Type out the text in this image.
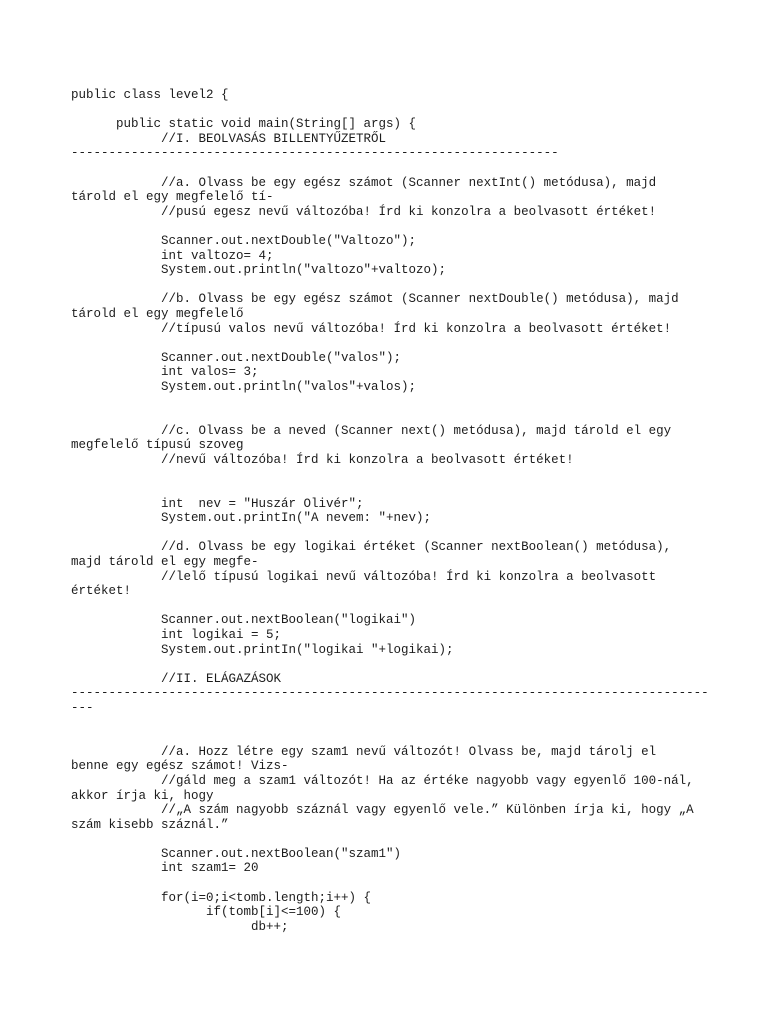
public class level2 {

public static void main(String[] args) {
//I. BEOLVASÁS BILLENTYŰZETRŐL
-----------------------------------------------------------------

//a. Olvass be egy egész számot (Scanner nextInt() metódusa), majd
tárold el egy megfelelő tí-
//pusú egesz nevű változóba! Írd ki konzolra a beolvasott értéket!

Scanner.out.nextDouble("Valtozo");
int valtozo= 4;
System.out.println("valtozo"+valtozo);

//b. Olvass be egy egész számot (Scanner nextDouble() metódusa), majd
tárold el egy megfelelő
//típusú valos nevű változóba! Írd ki konzolra a beolvasott értéket!

Scanner.out.nextDouble("valos");
int valos= 3;
System.out.println("valos"+valos);

//c. Olvass be a neved (Scanner next() metódusa), majd tárold el egy
megfelelő típusú szoveg
//nevű változóba! Írd ki konzolra a beolvasott értéket!

int  nev = "Huszár Olivér";
System.out.printIn("A nevem: "+nev);

//d. Olvass be egy logikai értéket (Scanner nextBoolean() metódusa),
majd tárold el egy megfe-
//lelő típusú logikai nevű változóba! Írd ki konzolra a beolvasott
értéket!

Scanner.out.nextBoolean("logikai")
int logikai = 5;
System.out.printIn("logikai "+logikai);

//II. ELÁGAZÁSOK
-------------------------------------------------------------------------------------
---

//a. Hozz létre egy szam1 nevű változót! Olvass be, majd tárolj el
benne egy egész számot! Vizs-
//gáld meg a szam1 változót! Ha az értéke nagyobb vagy egyenlő 100-nál,
akkor írja ki, hogy
//„A szám nagyobb száznál vagy egyenlő vele.” Különben írja ki, hogy „A
szám kisebb száznál.”

Scanner.out.nextBoolean("szam1")
int szam1= 20

for(i=0;i<tomb.length;i++) {
if(tomb[i]<=100) {
db++;
